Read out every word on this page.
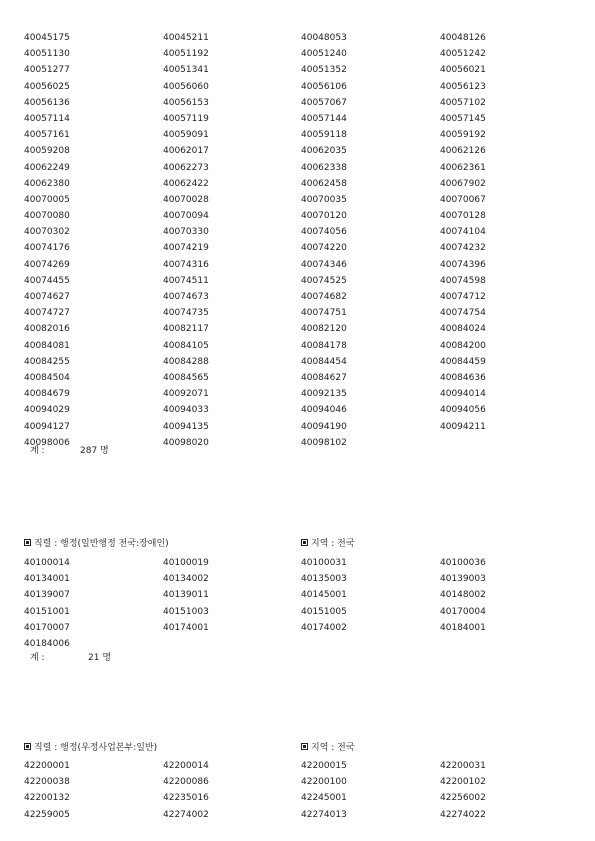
40045175	40045211	40048053	40048126
40051130	40051192	40051240	40051242
40051277	40051341	40051352	40056021
40056025	40056060	40056106	40056123
40056136	40056153	40057067	40057102
40057114	40057119	40057144	40057145
40057161	40059091	40059118	40059192
40059208	40062017	40062035	40062126
40062249	40062273	40062338	40062361
40062380	40062422	40062458	40067902
40070005	40070028	40070035	40070067
40070080	40070094	40070120	40070128
40070302	40070330	40074056	40074104
40074176	40074219	40074220	40074232
40074269	40074316	40074346	40074396
40074455	40074511	40074525	40074598
40074627	40074673	40074682	40074712
40074727	40074735	40074751	40074754
40082016	40082117	40082120	40084024
40084081	40084105	40084178	40084200
40084255	40084288	40084454	40084459
40084504	40084565	40084627	40084636
40084679	40092071	40092135	40094014
40094029	40094033	40094046	40094056
40094127	40094135	40094190	40094211
40098006	40098020	40098102
계 :	287 명
직렬 : 행정(일반행정 전국:장애인)	지역 : 전국
40100014	40100019	40100031	40100036
40134001	40134002	40135003	40139003
40139007	40139011	40145001	40148002
40151001	40151003	40151005	40170004
40170007	40174001	40174002	40184001
40184006
계 :	21 명
직렬 : 행정(우정사업본부:일반)	지역 : 전국
42200001	42200014	42200015	42200031
42200038	42200086	42200100	42200102
42200132	42235016	42245001	42256002
42259005	42274002	42274013	42274022
